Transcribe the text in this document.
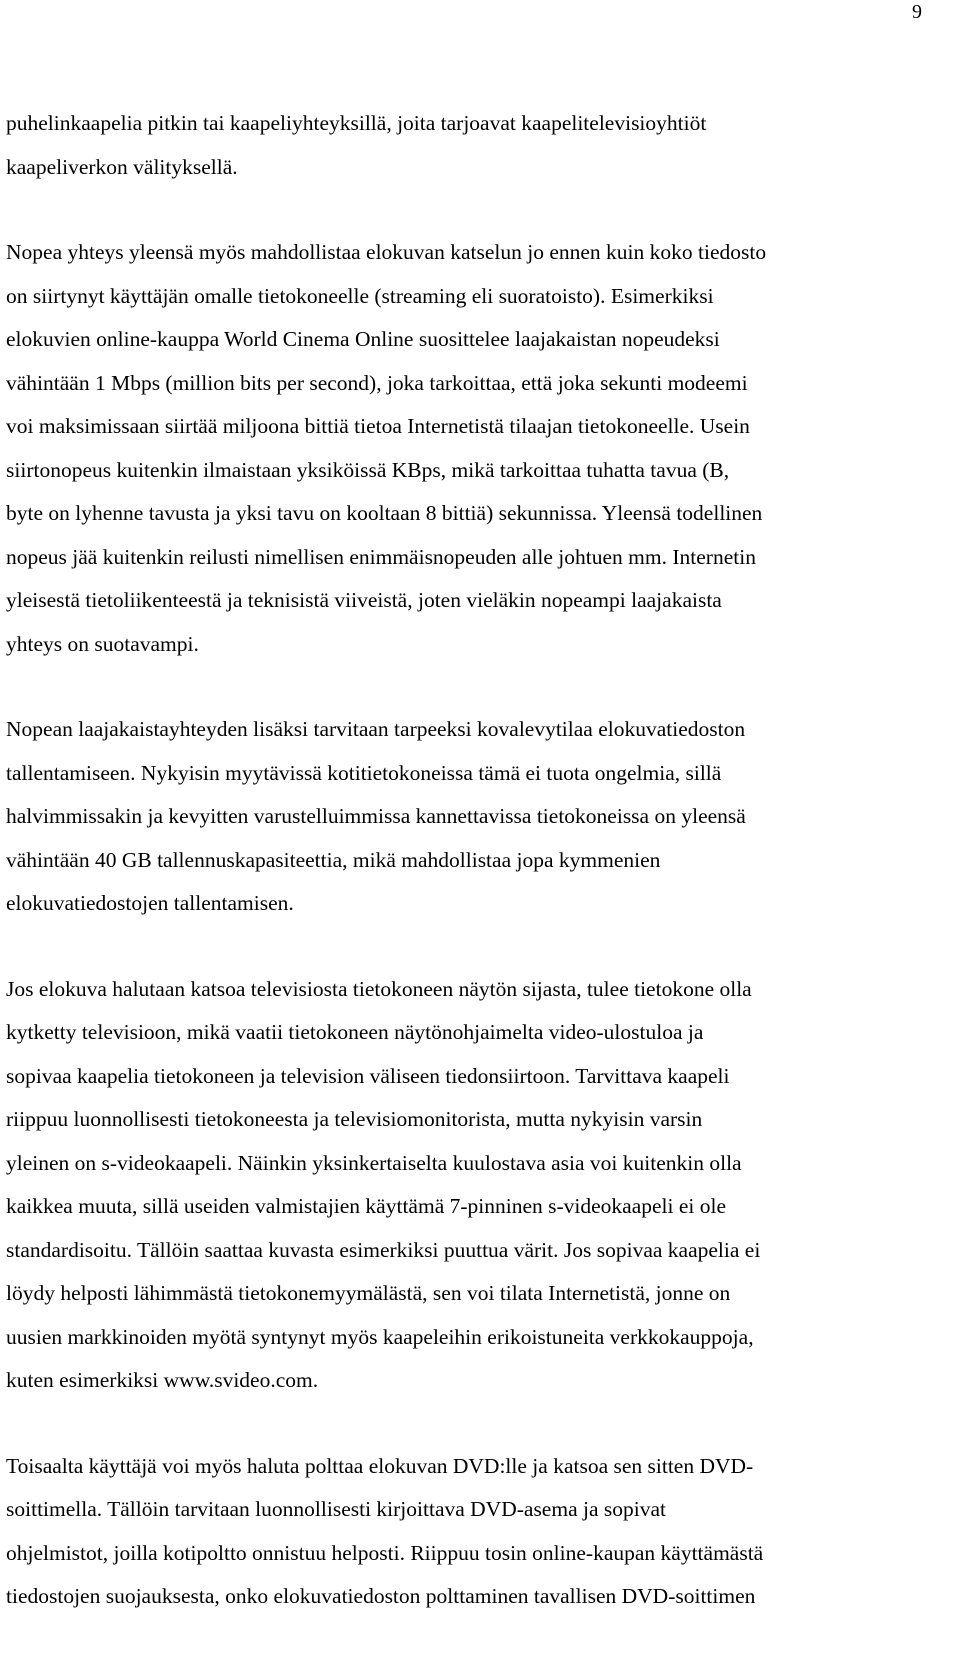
9
puhelinkaapelia pitkin tai kaapeliyhteyksillä, joita tarjoavat kaapelitelevisioyhtiöt
kaapeliverkon välityksellä.
Nopea yhteys yleensä myös mahdollistaa elokuvan katselun jo ennen kuin koko tiedosto
on siirtynyt käyttäjän omalle tietokoneelle (streaming eli suoratoisto). Esimerkiksi
elokuvien online-kauppa World Cinema Online suosittelee laajakaistan nopeudeksi
vähintään 1 Mbps (million bits per second), joka tarkoittaa, että joka sekunti modeemi
voi maksimissaan siirtää miljoona bittiä tietoa Internetistä tilaajan tietokoneelle. Usein
siirtonopeus kuitenkin ilmaistaan yksiköissä KBps, mikä tarkoittaa tuhatta tavua (B,
byte on lyhenne tavusta ja yksi tavu on kooltaan 8 bittiä) sekunnissa. Yleensä todellinen
nopeus jää kuitenkin reilusti nimellisen enimmäisnopeuden alle johtuen mm. Internetin
yleisestä tietoliikenteestä ja teknisistä viiveistä, joten vieläkin nopeampi laajakaista
yhteys on suotavampi.
Nopean laajakaistayhteyden lisäksi tarvitaan tarpeeksi kovalevytilaa elokuvatiedoston
tallentamiseen. Nykyisin myytävissä kotitietokoneissa tämä ei tuota ongelmia, sillä
halvimmissakin ja kevyitten varustelluimmissa kannettavissa tietokoneissa on yleensä
vähintään 40 GB tallennuskapasiteettia, mikä mahdollistaa jopa kymmenien
elokuvatiedostojen tallentamisen.
Jos elokuva halutaan katsoa televisiosta tietokoneen näytön sijasta, tulee tietokone olla
kytketty televisioon, mikä vaatii tietokoneen näytönohjaimelta video-ulostuloa ja
sopivaa kaapelia tietokoneen ja television väliseen tiedonsiirtoon. Tarvittava kaapeli
riippuu luonnollisesti tietokoneesta ja televisiomonitorista, mutta nykyisin varsin
yleinen on s-videokaapeli. Näinkin yksinkertaiselta kuulostava asia voi kuitenkin olla
kaikkea muuta, sillä useiden valmistajien käyttämä 7-pinninen s-videokaapeli ei ole
standardisoitu. Tällöin saattaa kuvasta esimerkiksi puuttua värit. Jos sopivaa kaapelia ei
löydy helposti lähimmästä tietokonemyymälästä, sen voi tilata Internetistä, jonne on
uusien markkinoiden myötä syntynyt myös kaapeleihin erikoistuneita verkkokauppoja,
kuten esimerkiksi www.svideo.com.
Toisaalta käyttäjä voi myös haluta polttaa elokuvan DVD:lle ja katsoa sen sitten DVD-
soittimella. Tällöin tarvitaan luonnollisesti kirjoittava DVD-asema ja sopivat
ohjelmistot, joilla kotipoltto onnistuu helposti. Riippuu tosin online-kaupan käyttämästä
tiedostojen suojauksesta, onko elokuvatiedoston polttaminen tavallisen DVD-soittimen
